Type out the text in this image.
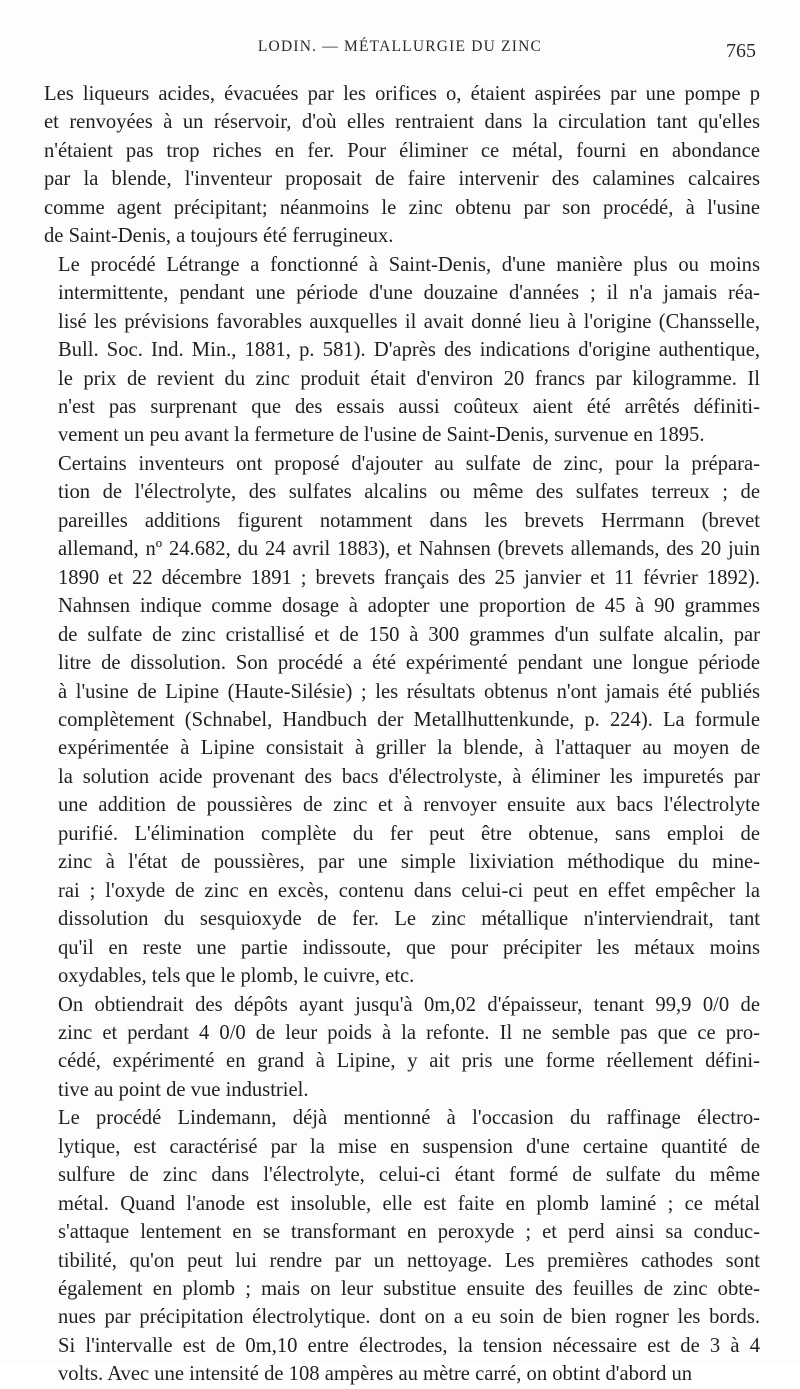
LODIN. — MÉTALLURGIE DU ZINC	765

Les liqueurs acides, évacuées par les orifices o, étaient aspirées par une pompe p
et renvoyées à un réservoir, d'où elles rentraient dans la circulation tant qu'elles
n'étaient pas trop riches en fer. Pour éliminer ce métal, fourni en abondance
par la blende, l'inventeur proposait de faire intervenir des calamines calcaires
comme agent précipitant; néanmoins le zinc obtenu par son procédé, à l'usine
de Saint-Denis, a toujours été ferrugineux.

Le procédé Létrange a fonctionné à Saint-Denis, d'une manière plus ou moins
intermittente, pendant une période d'une douzaine d'années ; il n'a jamais réa-
lisé les prévisions favorables auxquelles il avait donné lieu à l'origine (Chansselle,
Bull. Soc. Ind. Min., 1881, p. 581). D'après des indications d'origine authentique,
le prix de revient du zinc produit était d'environ 20 francs par kilogramme. Il
n'est pas surprenant que des essais aussi coûteux aient été arrêtés définiti-
vement un peu avant la fermeture de l'usine de Saint-Denis, survenue en 1895.

Certains inventeurs ont proposé d'ajouter au sulfate de zinc, pour la prépara-
tion de l'électrolyte, des sulfates alcalins ou même des sulfates terreux ; de
pareilles additions figurent notamment dans les brevets Herrmann (brevet
allemand, nº 24.682, du 24 avril 1883), et Nahnsen (brevets allemands, des 20 juin
1890 et 22 décembre 1891 ; brevets français des 25 janvier et 11 février 1892).
Nahnsen indique comme dosage à adopter une proportion de 45 à 90 grammes
de sulfate de zinc cristallisé et de 150 à 300 grammes d'un sulfate alcalin, par
litre de dissolution. Son procédé a été expérimenté pendant une longue période
à l'usine de Lipine (Haute-Silésie) ; les résultats obtenus n'ont jamais été publiés
complètement (Schnabel, Handbuch der Metallhuttenkunde, p. 224). La formule
expérimentée à Lipine consistait à griller la blende, à l'attaquer au moyen de
la solution acide provenant des bacs d'électrolyste, à éliminer les impuretés par
une addition de poussières de zinc et à renvoyer ensuite aux bacs l'électrolyte
purifié. L'élimination complète du fer peut être obtenue, sans emploi de
zinc à l'état de poussières, par une simple lixiviation méthodique du mine-
rai ; l'oxyde de zinc en excès, contenu dans celui-ci peut en effet empêcher la
dissolution du sesquioxyde de fer. Le zinc métallique n'interviendrait, tant
qu'il en reste une partie indissoute, que pour précipiter les métaux moins
oxydables, tels que le plomb, le cuivre, etc.

On obtiendrait des dépôts ayant jusqu'à 0m,02 d'épaisseur, tenant 99,9 0/0 de
zinc et perdant 4 0/0 de leur poids à la refonte. Il ne semble pas que ce pro-
cédé, expérimenté en grand à Lipine, y ait pris une forme réellement défini-
tive au point de vue industriel.

Le procédé Lindemann, déjà mentionné à l'occasion du raffinage électro-
lytique, est caractérisé par la mise en suspension d'une certaine quantité de
sulfure de zinc dans l'électrolyte, celui-ci étant formé de sulfate du même
métal. Quand l'anode est insoluble, elle est faite en plomb laminé ; ce métal
s'attaque lentement en se transformant en peroxyde ; et perd ainsi sa conduc-
tibilité, qu'on peut lui rendre par un nettoyage. Les premières cathodes sont
également en plomb ; mais on leur substitue ensuite des feuilles de zinc obte-
nues par précipitation électrolytique. dont on a eu soin de bien rogner les bords.
Si l'intervalle est de 0m,10 entre électrodes, la tension nécessaire est de 3 à 4
volts. Avec une intensité de 108 ampères au mètre carré, on obtint d'abord un
